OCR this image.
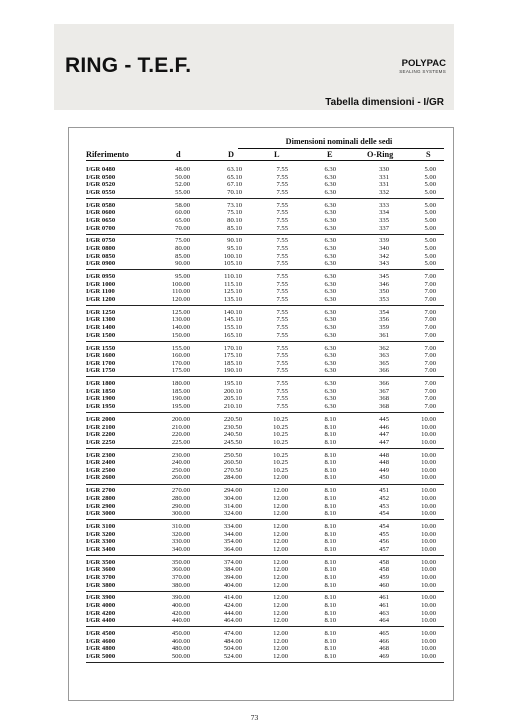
RING - T.E.F.	POLYPAC
SEALING SYSTEMS
Tabella dimensioni - I/GR
Dimensioni nominali delle sedi
Riferimento	d	D	L	E	O-Ring	S
I/GR 0480	48.00	63.10	7.55	6.30	330	5.00
I/GR 0500	50.00	65.10	7.55	6.30	331	5.00
I/GR 0520	52.00	67.10	7.55	6.30	331	5.00
I/GR 0550	55.00	70.10	7.55	6.30	332	5.00
I/GR 0580	58.00	73.10	7.55	6.30	333	5.00
I/GR 0600	60.00	75.10	7.55	6.30	334	5.00
I/GR 0650	65.00	80.10	7.55	6.30	335	5.00
I/GR 0700	70.00	85.10	7.55	6.30	337	5.00
I/GR 0750	75.00	90.10	7.55	6.30	339	5.00
I/GR 0800	80.00	95.10	7.55	6.30	340	5.00
I/GR 0850	85.00	100.10	7.55	6.30	342	5.00
I/GR 0900	90.00	105.10	7.55	6.30	343	5.00
I/GR 0950	95.00	110.10	7.55	6.30	345	7.00
I/GR 1000	100.00	115.10	7.55	6.30	346	7.00
I/GR 1100	110.00	125.10	7.55	6.30	350	7.00
I/GR 1200	120.00	135.10	7.55	6.30	353	7.00
I/GR 1250	125.00	140.10	7.55	6.30	354	7.00
I/GR 1300	130.00	145.10	7.55	6.30	356	7.00
I/GR 1400	140.00	155.10	7.55	6.30	359	7.00
I/GR 1500	150.00	165.10	7.55	6.30	361	7.00
I/GR 1550	155.00	170.10	7.55	6.30	362	7.00
I/GR 1600	160.00	175.10	7.55	6.30	363	7.00
I/GR 1700	170.00	185.10	7.55	6.30	365	7.00
I/GR 1750	175.00	190.10	7.55	6.30	366	7.00
I/GR 1800	180.00	195.10	7.55	6.30	366	7.00
I/GR 1850	185.00	200.10	7.55	6.30	367	7.00
I/GR 1900	190.00	205.10	7.55	6.30	368	7.00
I/GR 1950	195.00	210.10	7.55	6.30	368	7.00
I/GR 2000	200.00	220.50	10.25	8.10	445	10.00
I/GR 2100	210.00	230.50	10.25	8.10	446	10.00
I/GR 2200	220.00	240.50	10.25	8.10	447	10.00
I/GR 2250	225.00	245.50	10.25	8.10	447	10.00
I/GR 2300	230.00	250.50	10.25	8.10	448	10.00
I/GR 2400	240.00	260.50	10.25	8.10	448	10.00
I/GR 2500	250.00	270.50	10.25	8.10	449	10.00
I/GR 2600	260.00	284.00	12.00	8.10	450	10.00
I/GR 2700	270.00	294.00	12.00	8.10	451	10.00
I/GR 2800	280.00	304.00	12.00	8.10	452	10.00
I/GR 2900	290.00	314.00	12.00	8.10	453	10.00
I/GR 3000	300.00	324.00	12.00	8.10	454	10.00
I/GR 3100	310.00	334.00	12.00	8.10	454	10.00
I/GR 3200	320.00	344.00	12.00	8.10	455	10.00
I/GR 3300	330.00	354.00	12.00	8.10	456	10.00
I/GR 3400	340.00	364.00	12.00	8.10	457	10.00
I/GR 3500	350.00	374.00	12.00	8.10	458	10.00
I/GR 3600	360.00	384.00	12.00	8.10	458	10.00
I/GR 3700	370.00	394.00	12.00	8.10	459	10.00
I/GR 3800	380.00	404.00	12.00	8.10	460	10.00
I/GR 3900	390.00	414.00	12.00	8.10	461	10.00
I/GR 4000	400.00	424.00	12.00	8.10	461	10.00
I/GR 4200	420.00	444.00	12.00	8.10	463	10.00
I/GR 4400	440.00	464.00	12.00	8.10	464	10.00
I/GR 4500	450.00	474.00	12.00	8.10	465	10.00
I/GR 4600	460.00	484.00	12.00	8.10	466	10.00
I/GR 4800	480.00	504.00	12.00	8.10	468	10.00
I/GR 5000	500.00	524.00	12.00	8.10	469	10.00
73
